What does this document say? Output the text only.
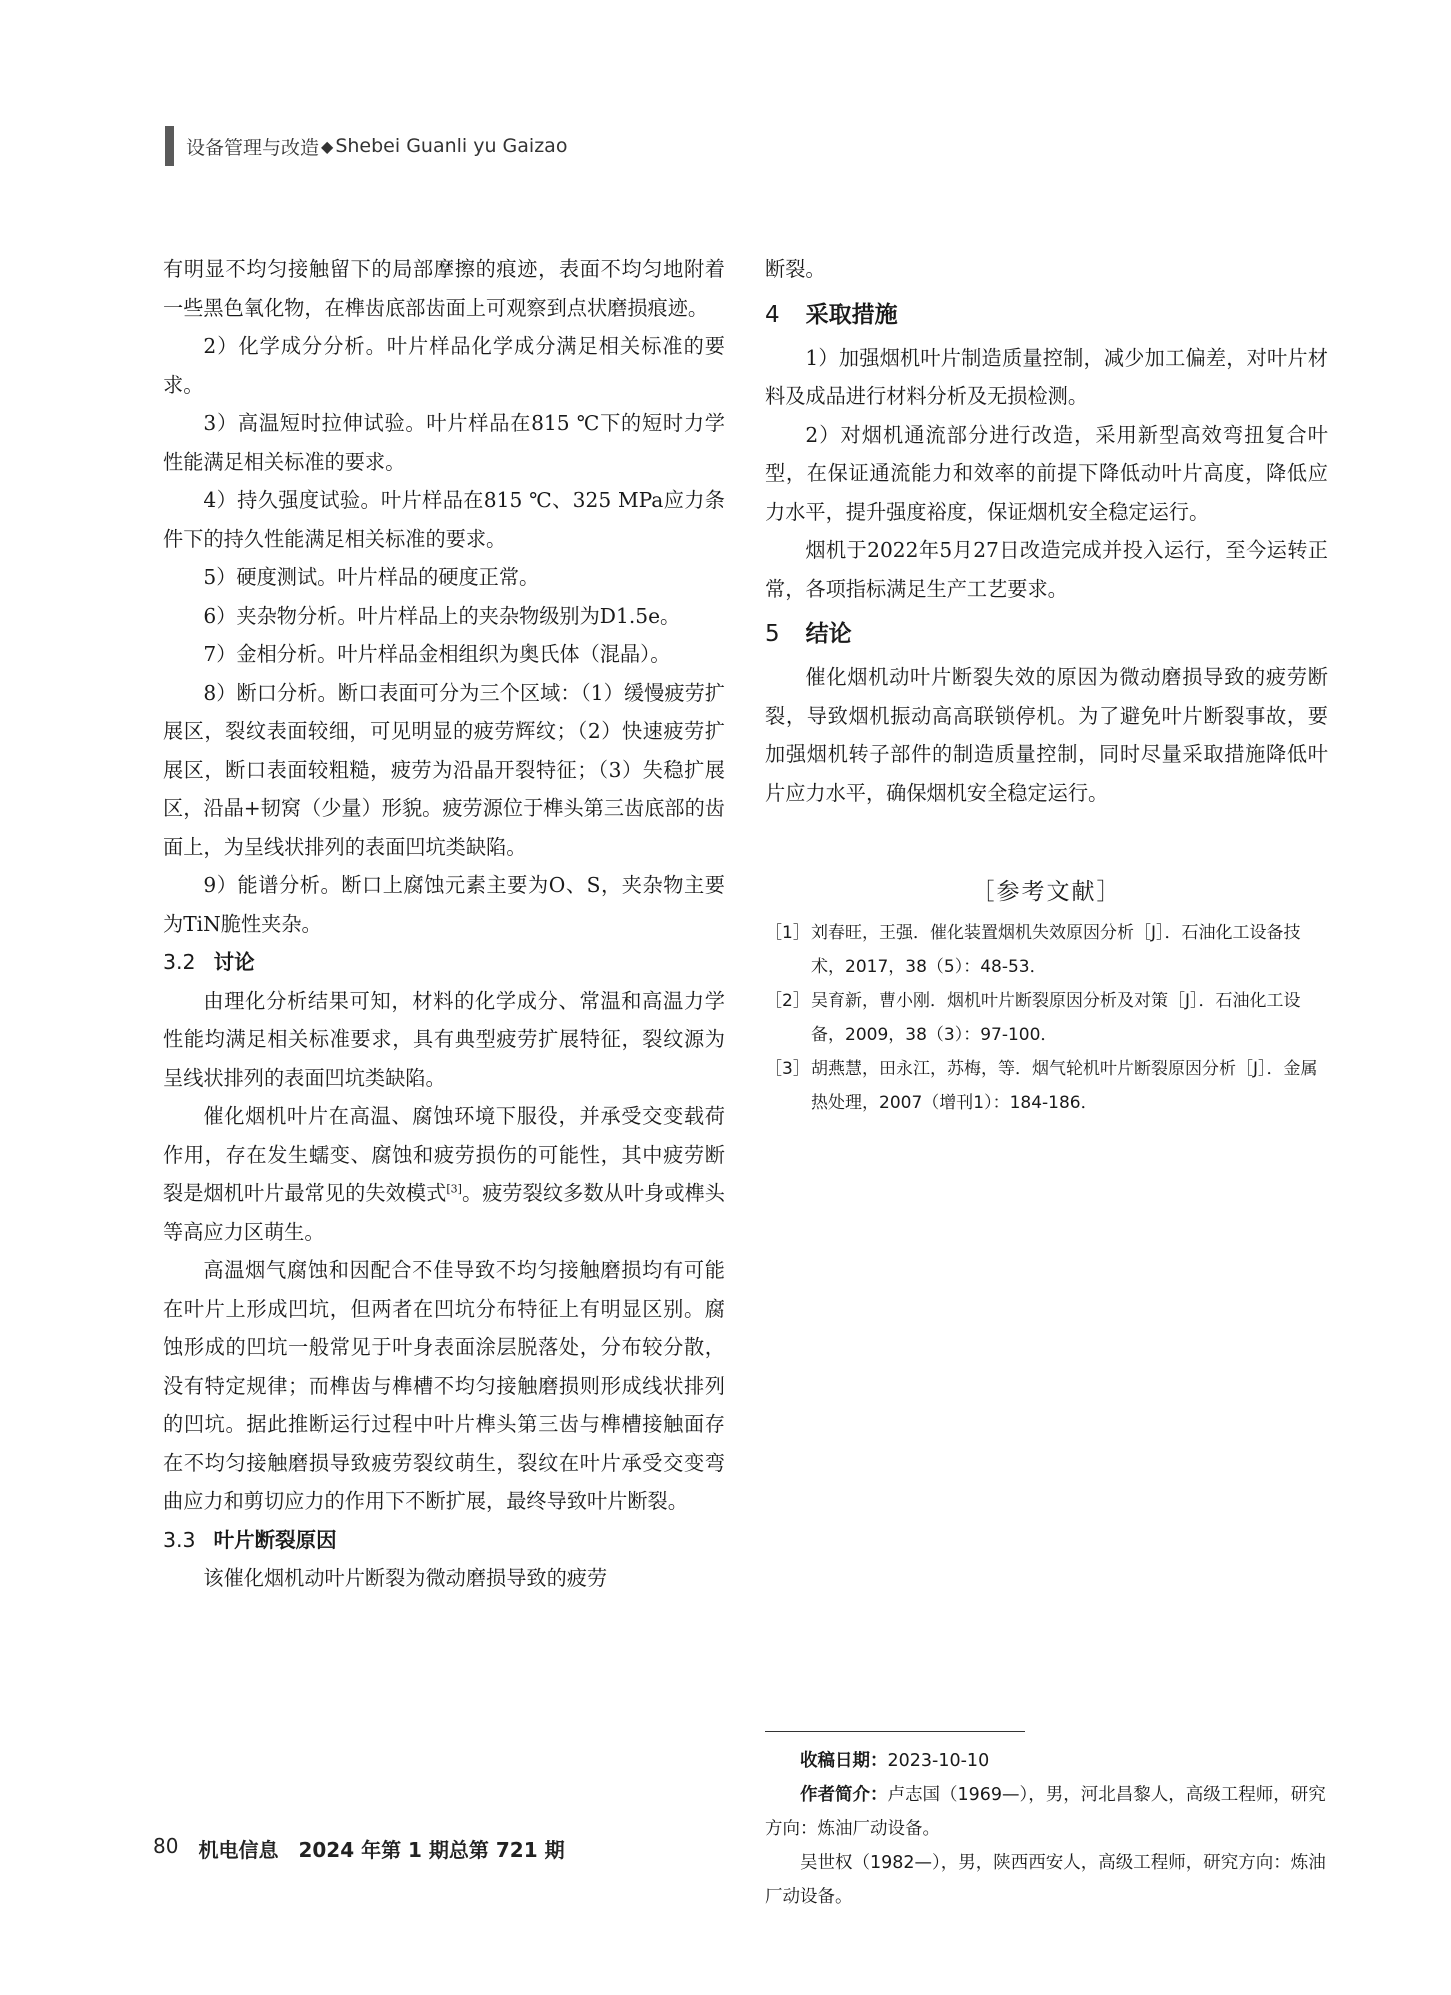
设备管理与改造 ◆ Shebei Guanli yu Gaizao

有明显不均匀接触留下的局部摩擦的痕迹，表面不均匀地附着一些黑色氧化物，在榫齿底部齿面上可观察到点状磨损痕迹。

2）化学成分分析。叶片样品化学成分满足相关标准的要求。

3）高温短时拉伸试验。叶片样品在815 ℃下的短时力学性能满足相关标准的要求。

4）持久强度试验。叶片样品在815 ℃、325 MPa应力条件下的持久性能满足相关标准的要求。

5）硬度测试。叶片样品的硬度正常。

6）夹杂物分析。叶片样品上的夹杂物级别为D1.5e。

7）金相分析。叶片样品金相组织为奥氏体（混晶）。

8）断口分析。断口表面可分为三个区域：（1）缓慢疲劳扩展区，裂纹表面较细，可见明显的疲劳辉纹；（2）快速疲劳扩展区，断口表面较粗糙，疲劳为沿晶开裂特征；（3）失稳扩展区，沿晶+韧窝（少量）形貌。疲劳源位于榫头第三齿底部的齿面上，为呈线状排列的表面凹坑类缺陷。

9）能谱分析。断口上腐蚀元素主要为O、S，夹杂物主要为TiN脆性夹杂。

3.2 讨论

由理化分析结果可知，材料的化学成分、常温和高温力学性能均满足相关标准要求，具有典型疲劳扩展特征，裂纹源为呈线状排列的表面凹坑类缺陷。

催化烟机叶片在高温、腐蚀环境下服役，并承受交变载荷作用，存在发生蠕变、腐蚀和疲劳损伤的可能性，其中疲劳断裂是烟机叶片最常见的失效模式[3]。疲劳裂纹多数从叶身或榫头等高应力区萌生。

高温烟气腐蚀和因配合不佳导致不均匀接触磨损均有可能在叶片上形成凹坑，但两者在凹坑分布特征上有明显区别。腐蚀形成的凹坑一般常见于叶身表面涂层脱落处，分布较分散，没有特定规律；而榫齿与榫槽不均匀接触磨损则形成线状排列的凹坑。据此推断运行过程中叶片榫头第三齿与榫槽接触面存在不均匀接触磨损导致疲劳裂纹萌生，裂纹在叶片承受交变弯曲应力和剪切应力的作用下不断扩展，最终导致叶片断裂。

3.3 叶片断裂原因

该催化烟机动叶片断裂为微动磨损导致的疲劳

断裂。

4 采取措施

1）加强烟机叶片制造质量控制，减少加工偏差，对叶片材料及成品进行材料分析及无损检测。

2）对烟机通流部分进行改造，采用新型高效弯扭复合叶型，在保证通流能力和效率的前提下降低动叶片高度，降低应力水平，提升强度裕度，保证烟机安全稳定运行。

烟机于2022年5月27日改造完成并投入运行，至今运转正常，各项指标满足生产工艺要求。

5 结论

催化烟机动叶片断裂失效的原因为微动磨损导致的疲劳断裂，导致烟机振动高高联锁停机。为了避免叶片断裂事故，要加强烟机转子部件的制造质量控制，同时尽量采取措施降低叶片应力水平，确保烟机安全稳定运行。

［参考文献］
［1］ 刘春旺，王强．催化装置烟机失效原因分析［J］．石油化工设备技术，2017，38（5）：48-53．
［2］ 吴育新，曹小刚．烟机叶片断裂原因分析及对策［J］．石油化工设备，2009，38（3）：97-100．
［3］ 胡燕慧，田永江，苏梅，等．烟气轮机叶片断裂原因分析［J］．金属热处理，2007（增刊1）：184-186．

收稿日期：2023-10-10

作者简介：卢志国（1969—），男，河北昌黎人，高级工程师，研究方向：炼油厂动设备。

吴世权（1982—），男，陕西西安人，高级工程师，研究方向：炼油厂动设备。

80 机电信息 2024 年第 1 期总第 721 期
